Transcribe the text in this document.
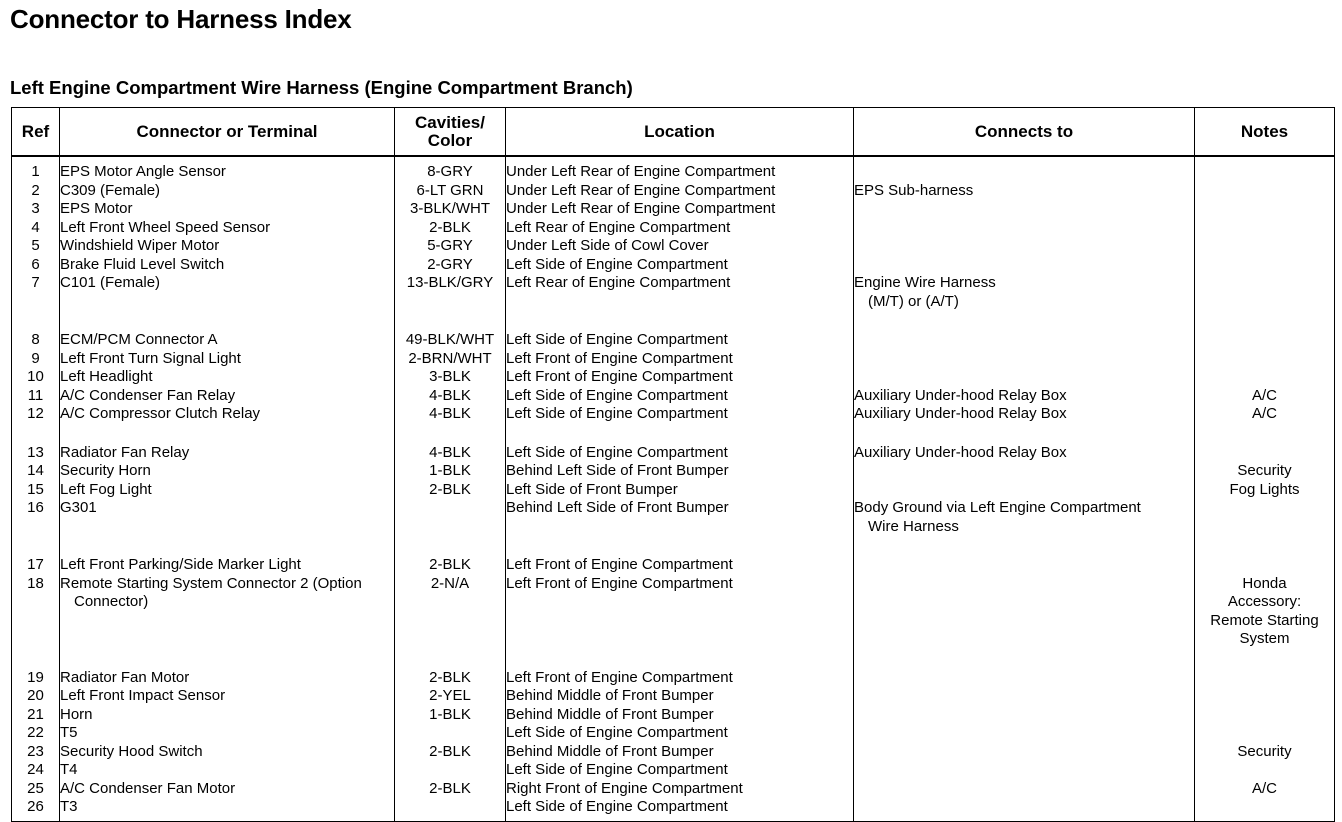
Connector to Harness Index
Left Engine Compartment Wire Harness (Engine Compartment Branch)
Ref	Connector or Terminal	Cavities/
Color	Location	Connects to	Notes

1	EPS Motor Angle Sensor	8-GRY	Under Left Rear of Engine Compartment		

2	C309 (Female)	6-LT GRN	Under Left Rear of Engine Compartment	EPS Sub-harness	

3	EPS Motor	3-BLK/WHT	Under Left Rear of Engine Compartment		

4	Left Front Wheel Speed Sensor	2-BLK	Left Rear of Engine Compartment		

5	Windshield Wiper Motor	5-GRY	Under Left Side of Cowl Cover		

6	Brake Fluid Level Switch	2-GRY	Left Side of Engine Compartment		

7	C101 (Female)	13-BLK/GRY	Left Rear of Engine Compartment	Engine Wire Harness
(M/T) or (A/T)	

8	ECM/PCM Connector A	49-BLK/WHT	Left Side of Engine Compartment		

9	Left Front Turn Signal Light	2-BRN/WHT	Left Front of Engine Compartment		

10	Left Headlight	3-BLK	Left Front of Engine Compartment		

11	A/C Condenser Fan Relay	4-BLK	Left Side of Engine Compartment	Auxiliary Under-hood Relay Box	A/C

12	A/C Compressor Clutch Relay	4-BLK	Left Side of Engine Compartment	Auxiliary Under-hood Relay Box	A/C

13	Radiator Fan Relay	4-BLK	Left Side of Engine Compartment	Auxiliary Under-hood Relay Box	

14	Security Horn	1-BLK	Behind Left Side of Front Bumper		Security

15	Left Fog Light	2-BLK	Left Side of Front Bumper		Fog Lights

16	G301		Behind Left Side of Front Bumper	Body Ground via Left Engine Compartment
Wire Harness	

17	Left Front Parking/Side Marker Light	2-BLK	Left Front of Engine Compartment		

18	Remote Starting System Connector 2 (Option
Connector)	2-N/A	Left Front of Engine Compartment		Honda
Accessory:
Remote Starting
System

19	Radiator Fan Motor	2-BLK	Left Front of Engine Compartment		

20	Left Front Impact Sensor	2-YEL	Behind Middle of Front Bumper		

21	Horn	1-BLK	Behind Middle of Front Bumper		

22	T5		Left Side of Engine Compartment		

23	Security Hood Switch	2-BLK	Behind Middle of Front Bumper		Security

24	T4		Left Side of Engine Compartment		

25	A/C Condenser Fan Motor	2-BLK	Right Front of Engine Compartment		A/C

26	T3		Left Side of Engine Compartment		
